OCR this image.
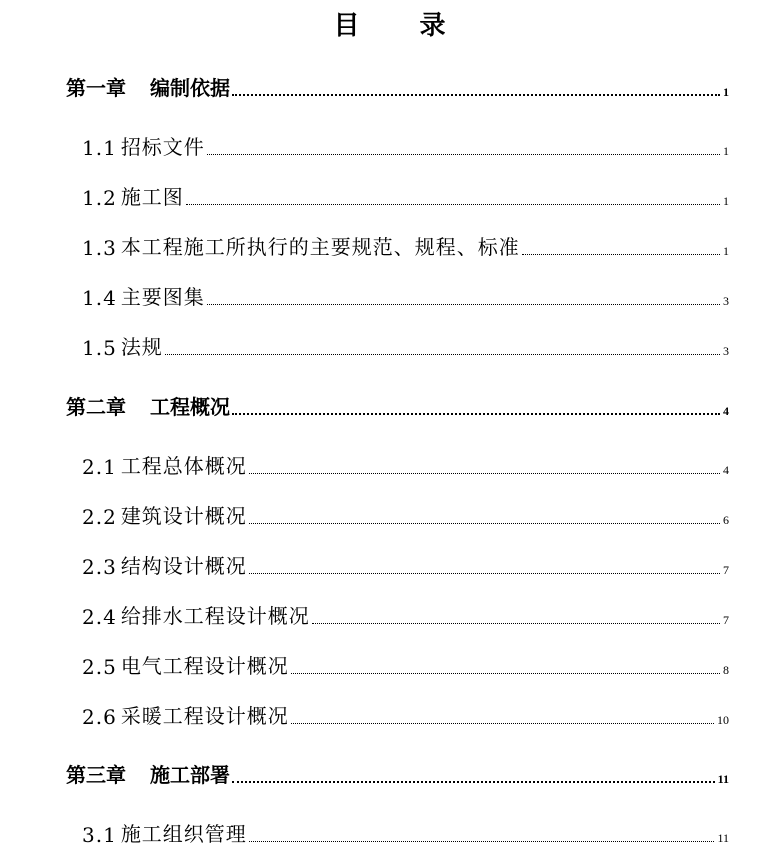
目 录
第一章 编制依据	1
1.1 招标文件	1
1.2 施工图	1
1.3 本工程施工所执行的主要规范、规程、标准	1
1.4 主要图集	3
1.5 法规	3
第二章 工程概况	4
2.1 工程总体概况	4
2.2 建筑设计概况	6
2.3 结构设计概况	7
2.4 给排水工程设计概况	7
2.5 电气工程设计概况	8
2.6 采暖工程设计概况	10
第三章 施工部署	11
3.1 施工组织管理	11
